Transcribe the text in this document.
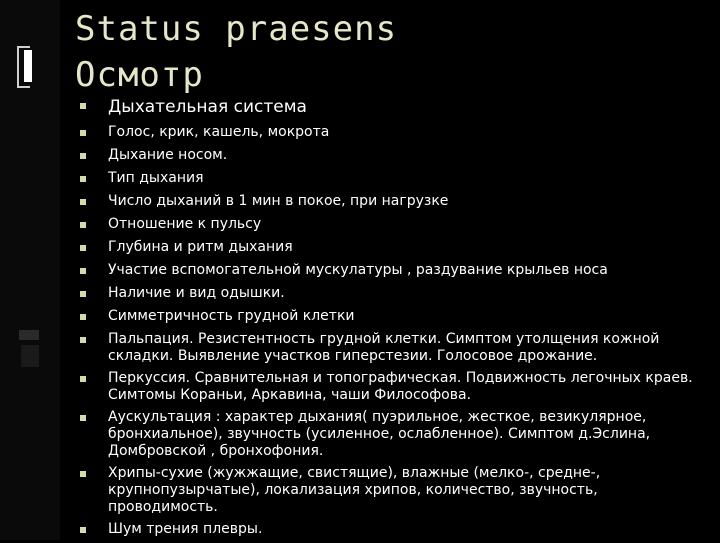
Status praesens
Осмотр
Дыхательная система
Голос, крик, кашель, мокрота
Дыхание носом.
Тип дыхания
Число дыханий в 1 мин в покое, при нагрузке
Отношение к пульсу
Глубина и ритм дыхания
Участие вспомогательной мускулатуры , раздувание крыльев носа
Наличие и вид одышки.
Симметричность грудной клетки
Пальпация. Резистентность грудной клетки. Симптом утолщения кожной складки. Выявление участков гиперстезии. Голосовое дрожание.
Перкуссия. Сравнительная и топографическая. Подвижность легочных краев. Симтомы Кораньи, Аркавина, чаши Философова.
Аускультация : характер дыхания( пуэрильное, жесткое, везикулярное, бронхиальное), звучность (усиленное, ослабленное). Симптом д.Эслина, Домбровской , бронхофония.
Хрипы-сухие (жужжащие, свистящие), влажные (мелко-, средне-, крупнопузырчатые), локализация хрипов, количество, звучность, проводимость.
Шум трения плевры.
